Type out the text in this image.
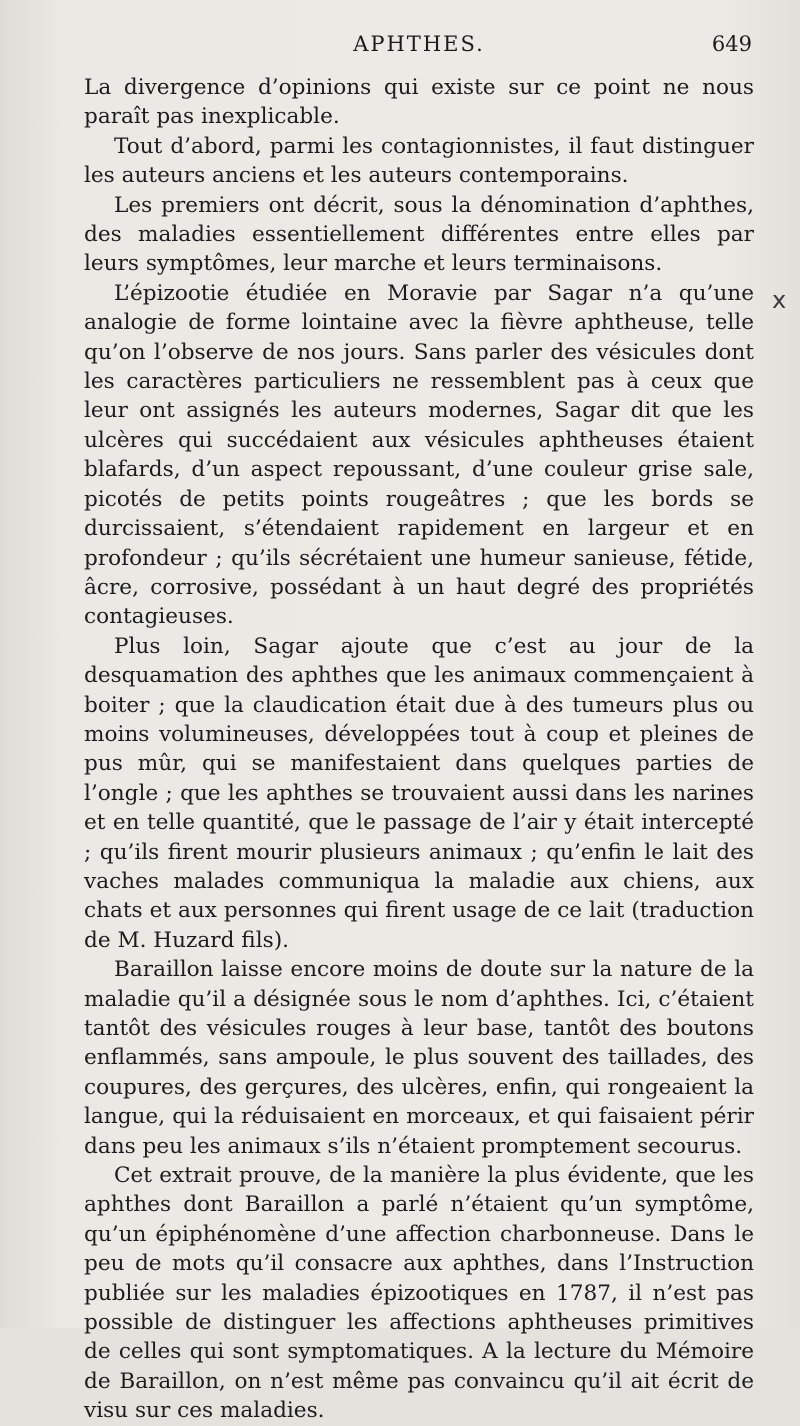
APHTHES.	649
x

La divergence d’opinions qui existe sur ce point ne nous paraît pas inexplicable.

Tout d’abord, parmi les contagionnistes, il faut distinguer les auteurs anciens et les auteurs contemporains.

Les premiers ont décrit, sous la dénomination d’aphthes, des maladies essentiellement différentes entre elles par leurs symptômes, leur marche et leurs terminaisons.

L’épizootie étudiée en Moravie par Sagar n’a qu’une analogie de forme lointaine avec la fièvre aphtheuse, telle qu’on l’observe de nos jours. Sans parler des vésicules dont les caractères particuliers ne ressemblent pas à ceux que leur ont assignés les auteurs modernes, Sagar dit que les ulcères qui succédaient aux vésicules aphtheuses étaient blafards, d’un aspect repoussant, d’une couleur grise sale, picotés de petits points rougeâtres ; que les bords se durcissaient, s’étendaient rapidement en largeur et en profondeur ; qu’ils sécrétaient une humeur sanieuse, fétide, âcre, corrosive, possédant à un haut degré des propriétés contagieuses.

Plus loin, Sagar ajoute que c’est au jour de la desquamation des aphthes que les animaux commençaient à boiter ; que la claudication était due à des tumeurs plus ou moins volumineuses, développées tout à coup et pleines de pus mûr, qui se manifestaient dans quelques parties de l’ongle ; que les aphthes se trouvaient aussi dans les narines et en telle quantité, que le passage de l’air y était intercepté ; qu’ils firent mourir plusieurs animaux ; qu’enfin le lait des vaches malades communiqua la maladie aux chiens, aux chats et aux personnes qui firent usage de ce lait (traduction de M. Huzard fils).

Baraillon laisse encore moins de doute sur la nature de la maladie qu’il a désignée sous le nom d’aphthes. Ici, c’étaient tantôt des vésicules rouges à leur base, tantôt des boutons enflammés, sans ampoule, le plus souvent des taillades, des coupures, des gerçures, des ulcères, enfin, qui rongeaient la langue, qui la réduisaient en morceaux, et qui faisaient périr dans peu les animaux s’ils n’étaient promptement secourus.

Cet extrait prouve, de la manière la plus évidente, que les aphthes dont Baraillon a parlé n’étaient qu’un symptôme, qu’un épiphénomène d’une affection charbonneuse. Dans le peu de mots qu’il consacre aux aphthes, dans l’Instruction publiée sur les maladies épizootiques en 1787, il n’est pas possible de distinguer les affections aphtheuses primitives de celles qui sont symptomatiques. A la lecture du Mémoire de Baraillon, on n’est même pas convaincu qu’il ait écrit de visu sur ces maladies.
